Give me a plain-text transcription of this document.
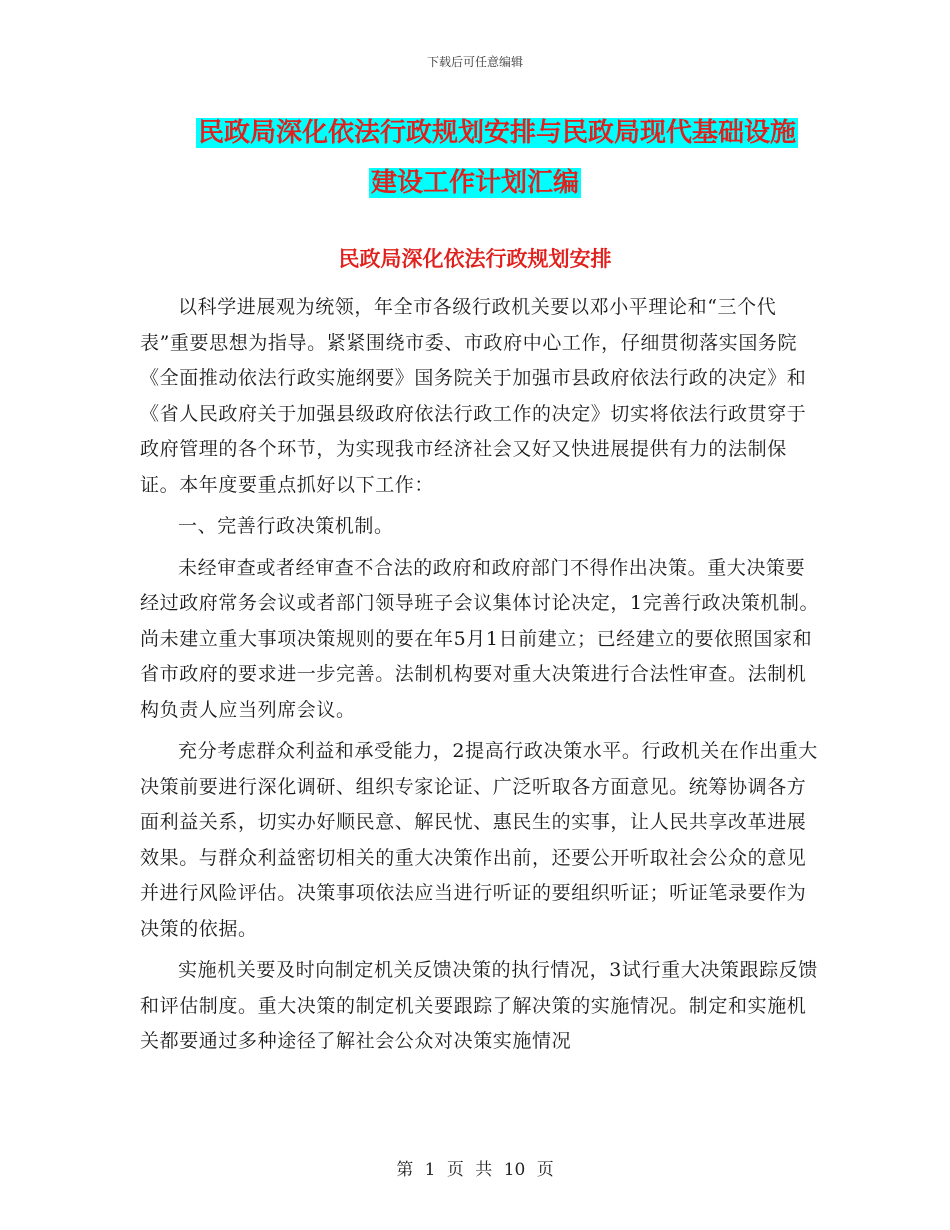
下载后可任意编辑
民政局深化依法行政规划安排与民政局现代基础设施
建设工作计划汇编
民政局深化依法行政规划安排

以科学进展观为统领，年全市各级行政机关要以邓小平理论和“三个代表”重要思想为指导。紧紧围绕市委、市政府中心工作，仔细贯彻落实国务院《全面推动依法行政实施纲要》国务院关于加强市县政府依法行政的决定》和《省人民政府关于加强县级政府依法行政工作的决定》切实将依法行政贯穿于政府管理的各个环节，为实现我市经济社会又好又快进展提供有力的法制保证。本年度要重点抓好以下工作：

一、完善行政决策机制。

未经审查或者经审查不合法的政府和政府部门不得作出决策。重大决策要经过政府常务会议或者部门领导班子会议集体讨论决定，1完善行政决策机制。尚未建立重大事项决策规则的要在年5月1日前建立；已经建立的要依照国家和省市政府的要求进一步完善。法制机构要对重大决策进行合法性审查。法制机构负责人应当列席会议。

充分考虑群众利益和承受能力，2提高行政决策水平。行政机关在作出重大决策前要进行深化调研、组织专家论证、广泛听取各方面意见。统筹协调各方面利益关系，切实办好顺民意、解民忧、惠民生的实事，让人民共享改革进展效果。与群众利益密切相关的重大决策作出前，还要公开听取社会公众的意见并进行风险评估。决策事项依法应当进行听证的要组织听证；听证笔录要作为决策的依据。

实施机关要及时向制定机关反馈决策的执行情况，3试行重大决策跟踪反馈和评估制度。重大决策的制定机关要跟踪了解决策的实施情况。制定和实施机关都要通过多种途径了解社会公众对决策实施情况

第 1 页 共 10 页
